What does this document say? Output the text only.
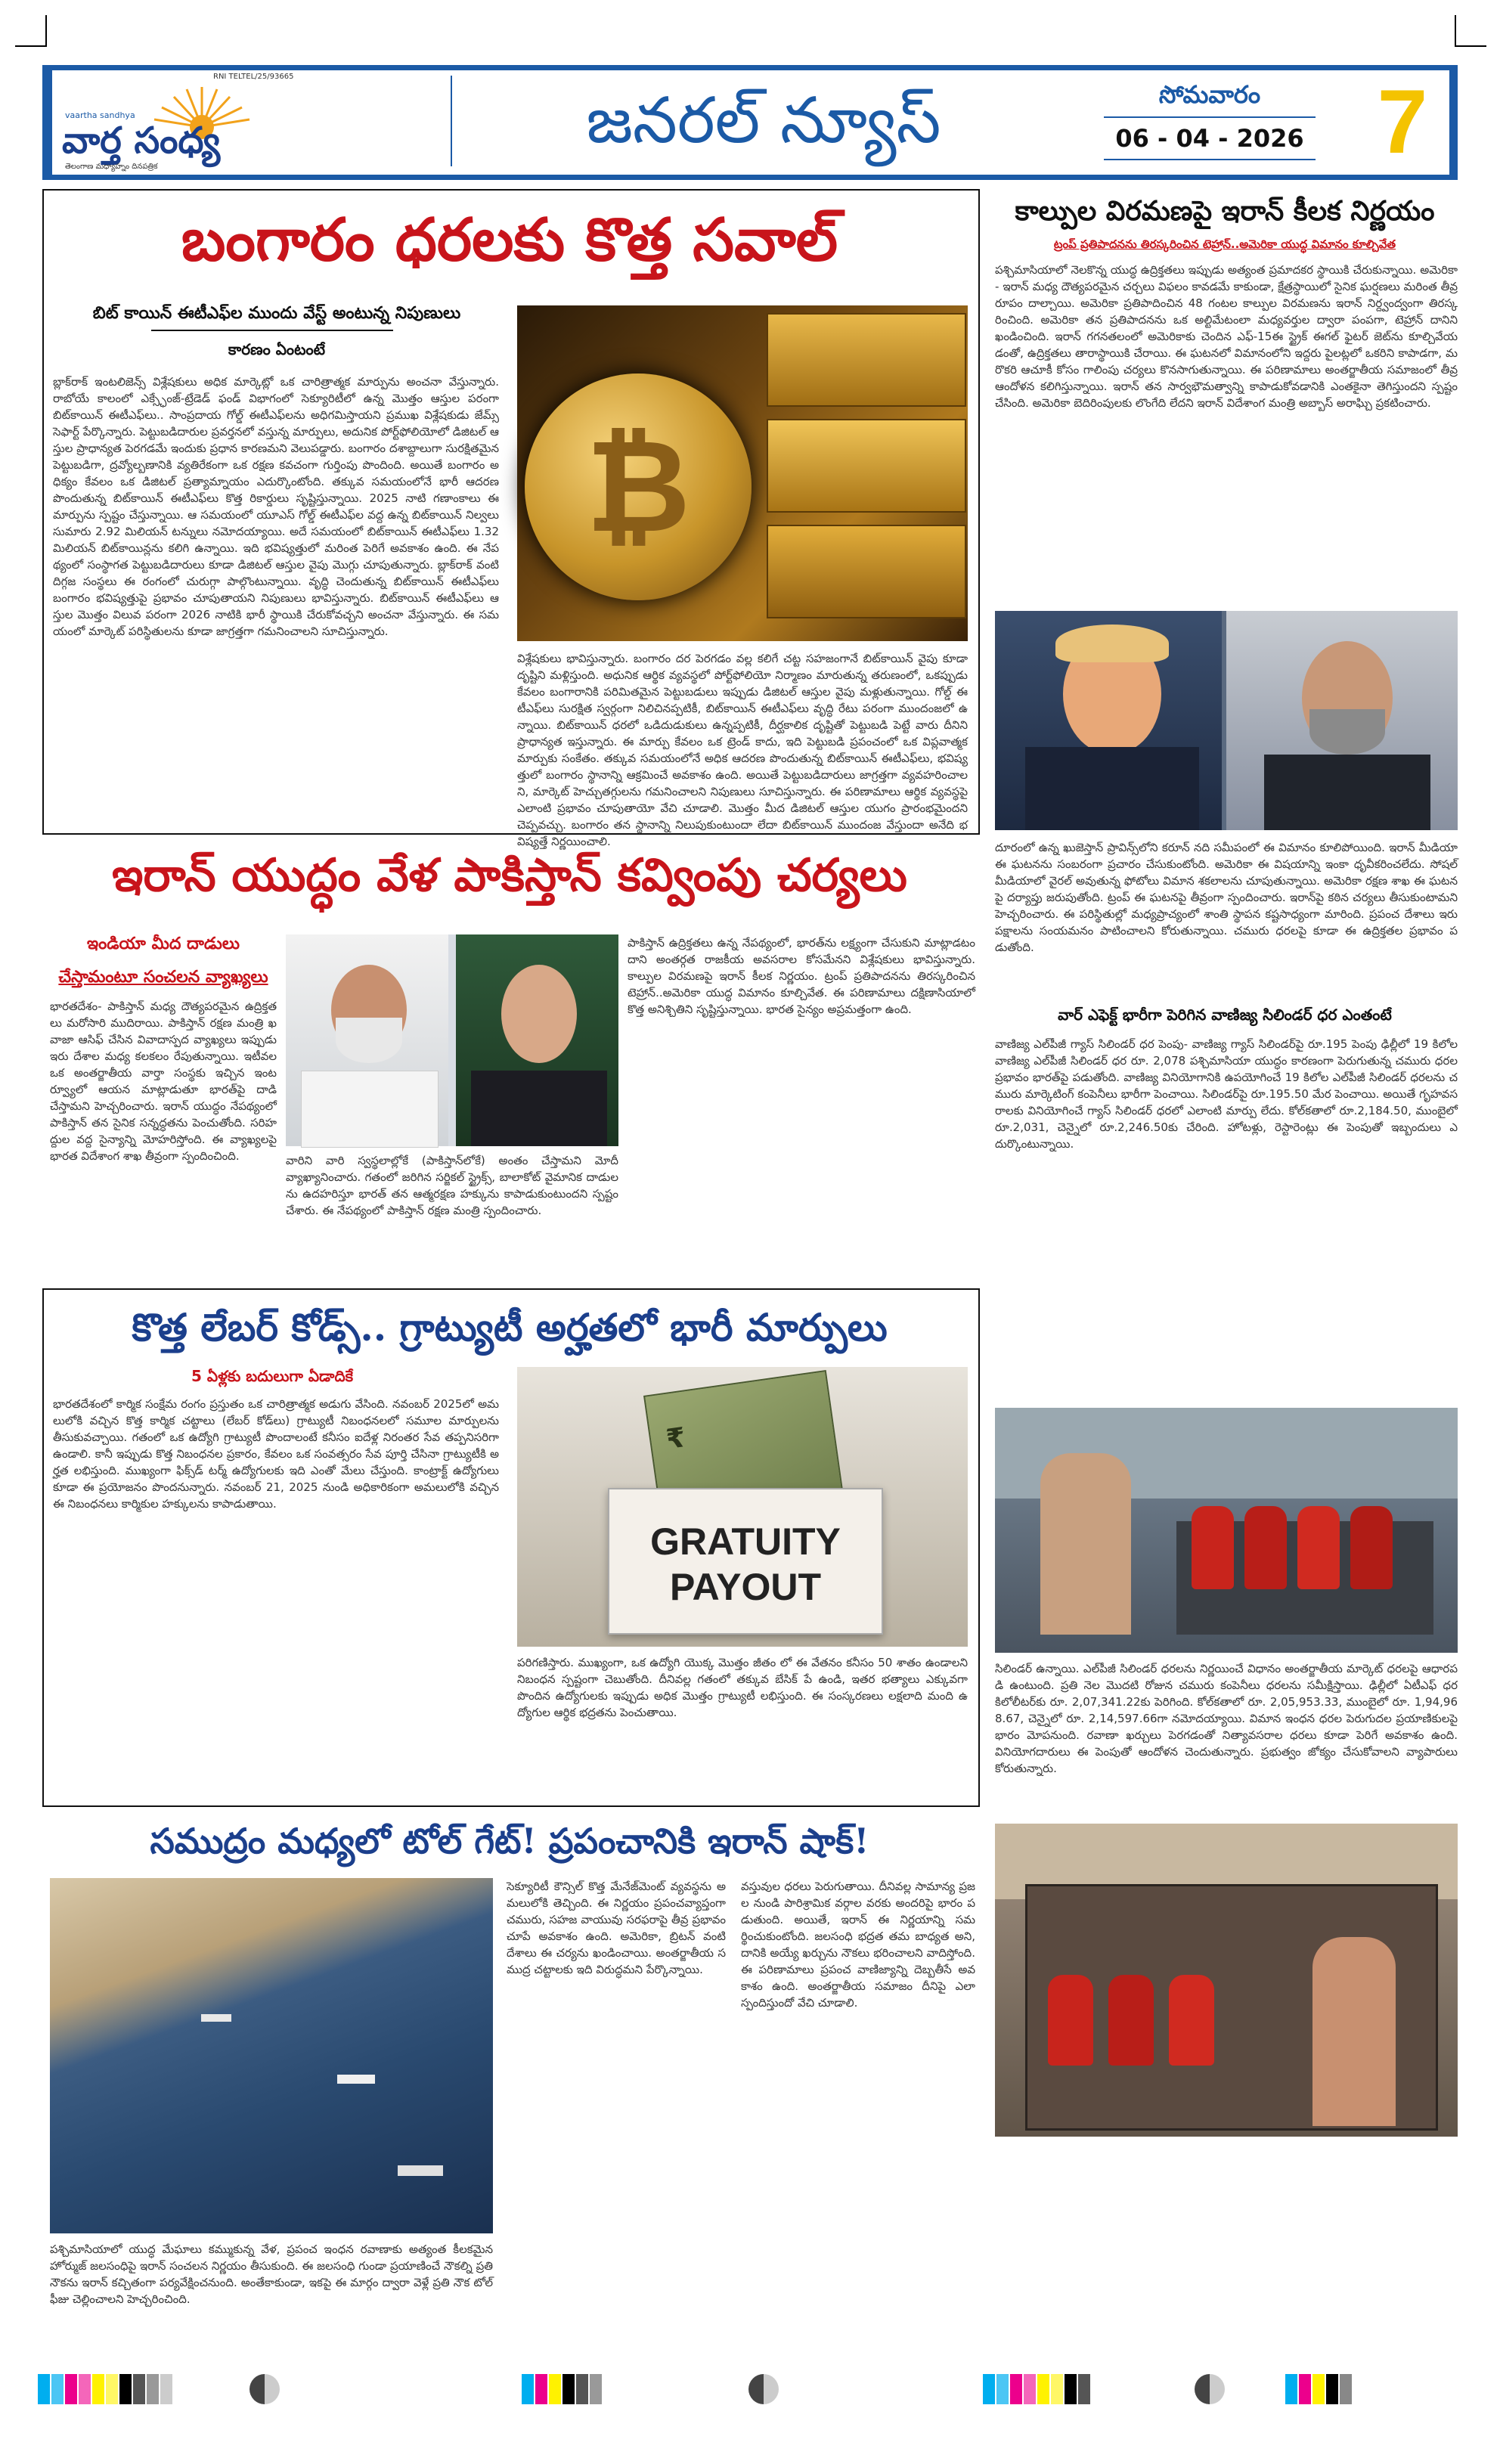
RNI TELTEL/25/93665
vaartha sandhya
వార్త సంధ్య
తెలంగాణ మధ్యాహ్నం దినపత్రిక
జనరల్ న్యూస్	సోమవారం
06 - 04 - 2026 7
బంగారం ధరలకు కొత్త సవాల్
బిట్ కాయిన్ ఈటీఎఫ్‌ల ముందు వేస్ట్ అంటున్న నిపుణులు
కారణం ఏంటంటే
బ్లాక్‌రాక్ ఇంటలిజెన్స్ విశ్లేషకులు అధిక మార్కెట్లో ఒక చారిత్రాత్మక మార్పును అంచనా వేస్తున్నారు. రాబోయే కాలంలో ఎక్స్ఛేంజ్-ట్రేడెడ్ ఫండ్ విభాగంలో సెక్యూరిటీలో ఉన్న మొత్తం ఆస్తుల పరంగా బిట్‌కాయిన్ ఈటీఎఫ్‌లు.. సాంప్రదాయ గోల్డ్ ఈటీఎఫ్‌లను అధిగమిస్తాయని ప్రముఖ విశ్లేషకుడు జేమ్స్ సెఫార్ట్ పేర్కొన్నారు. పెట్టుబడిదారుల ప్రవర్తనలో వస్తున్న మార్పులు, అదునిక పోర్ట్‌ఫోలియోలో డిజిటల్ ఆస్తుల ప్రాధాన్యత పెరగడమే ఇందుకు ప్రధాన కారణమని వెలుపడ్డారు. బంగారం దశాబ్దాలుగా సురక్షితమైన పెట్టుబడిగా, ద్రవ్యోల్బణానికి వ్యతిరేకంగా ఒక రక్షణ కవచంగా గుర్తింపు పొందింది. అయితే బంగారం అధిక్యం కేవలం ఒక డిజిటల్ ప్రత్యామ్నాయం ఎదుర్కొంటోంది. తక్కువ సమయంలోనే భారీ ఆదరణ పొందుతున్న బిట్‌కాయిన్ ఈటీఎఫ్‌లు కొత్త రికార్డులు సృష్టిస్తున్నాయి. 2025 నాటి గణాంకాలు ఈ మార్పును స్పష్టం చేస్తున్నాయి. ఆ సమయంలో యూఎస్ గోల్డ్ ఈటీఎఫ్‌ల వద్ద ఉన్న బిట్‌కాయిన్ నిల్వలు సుమారు 2.92 మిలియన్ టన్నులు నమోదయ్యాయి. అదే సమయంలో బిట్‌కాయిన్ ఈటీఎఫ్‌లు 1.32 మిలియన్ బిట్‌కాయిన్లను కలిగి ఉన్నాయి. ఇది భవిష్యత్తులో మరింత పెరిగే అవకాశం ఉంది. ఈ నేపథ్యంలో సంస్థాగత పెట్టుబడిదారులు కూడా డిజిటల్ ఆస్తుల వైపు మొగ్గు చూపుతున్నారు. బ్లాక్‌రాక్ వంటి దిగ్గజ సంస్థలు ఈ రంగంలో చురుగ్గా పాల్గొంటున్నాయి. వృద్ధి చెందుతున్న బిట్‌కాయిన్ ఈటీఎఫ్‌లు బంగారం భవిష్యత్తుపై ప్రభావం చూపుతాయని నిపుణులు భావిస్తున్నారు. బిట్‌కాయిన్ ఈటీఎఫ్‌లు ఆస్తుల మొత్తం విలువ పరంగా 2026 నాటికి భారీ స్థాయికి చేరుకోవచ్చని అంచనా వేస్తున్నారు. ఈ సమయంలో మార్కెట్ పరిస్థితులను కూడా జాగ్రత్తగా గమనించాలని సూచిస్తున్నారు.
₿
విశ్లేషకులు భావిస్తున్నారు. బంగారం దర పెరగడం వల్ల కలిగే చట్ట సహజంగానే బిట్‌కాయిన్ వైపు కూడా దృష్టిని మళ్లిస్తుంది. అధునిక ఆర్థిక వ్యవస్థలో పోర్ట్‌ఫోలియో నిర్మాణం మారుతున్న తరుణంలో, ఒకప్పుడు కేవలం బంగారానికి పరిమితమైన పెట్టుబడులు ఇప్పుడు డిజిటల్ ఆస్తుల వైపు మళ్లుతున్నాయి. గోల్డ్ ఈటీఎఫ్‌లు సురక్షిత స్వర్గంగా నిలిచినప్పటికీ, బిట్‌కాయిన్ ఈటీఎఫ్‌లు వృద్ధి రేటు పరంగా ముందంజలో ఉన్నాయి. బిట్‌కాయిన్ ధరలో ఒడిదుడుకులు ఉన్నప్పటికీ, దీర్ఘకాలిక దృష్టితో పెట్టుబడి పెట్టే వారు దీనిని ప్రాధాన్యత ఇస్తున్నారు. ఈ మార్పు కేవలం ఒక ట్రెండ్ కాదు, ఇది పెట్టుబడి ప్రపంచంలో ఒక విప్లవాత్మక మార్పుకు సంకేతం. తక్కువ సమయంలోనే అధిక ఆదరణ పొందుతున్న బిట్‌కాయిన్ ఈటీఎఫ్‌లు, భవిష్యత్తులో బంగారం స్థానాన్ని ఆక్రమించే అవకాశం ఉంది. అయితే పెట్టుబడిదారులు జాగ్రత్తగా వ్యవహరించాలని, మార్కెట్ హెచ్చుతగ్గులను గమనించాలని నిపుణులు సూచిస్తున్నారు. ఈ పరిణామాలు ఆర్థిక వ్యవస్థపై ఎలాంటి ప్రభావం చూపుతాయో వేచి చూడాలి. మొత్తం మీద డిజిటల్ ఆస్తుల యుగం ప్రారంభమైందని చెప్పవచ్చు. బంగారం తన స్థానాన్ని నిలుపుకుంటుందా లేదా బిట్‌కాయిన్ ముందంజ వేస్తుందా అనేది భవిష్యత్తే నిర్ణయించాలి.
కాల్పుల విరమణపై ఇరాన్ కీలక నిర్ణయం
ట్రంప్ ప్రతిపాదనను తిరస్కరించిన టెహ్రాన్..అమెరికా యుద్ధ విమానం కూల్చివేత
పశ్చిమాసియాలో నెలకొన్న యుద్ధ ఉద్రిక్తతలు ఇప్పుడు అత్యంత ప్రమాదకర స్థాయికి చేరుకున్నాయి. అమెరికా - ఇరాన్ మధ్య దౌత్యపరమైన చర్చలు విఫలం కావడమే కాకుండా, క్షేత్రస్థాయిలో సైనిక ఘర్షణలు మరింత తీవ్రరూపం దాల్చాయి. అమెరికా ప్రతిపాదించిన 48 గంటల కాల్పుల విరమణను ఇరాన్ నిర్ద్వంద్వంగా తిరస్కరించింది. అమెరికా తన ప్రతిపాదనను ఒక అల్టిమేటంలా మధ్యవర్తుల ద్వారా పంపగా, టెహ్రాన్ దానిని ఖండించింది. ఇరాన్ గగనతలంలో అమెరికాకు చెందిన ఎఫ్-15ఈ స్ట్రైక్ ఈగల్ ఫైటర్ జెట్‌ను కూల్చివేయడంతో, ఉద్రిక్తతలు తారాస్థాయికి చేరాయి. ఈ ఘటనలో విమానంలోని ఇద్దరు పైలట్లలో ఒకరిని కాపాడగా, మరొకరి ఆచూకీ కోసం గాలింపు చర్యలు కొనసాగుతున్నాయి. ఈ పరిణామాలు అంతర్జాతీయ సమాజంలో తీవ్ర ఆందోళన కలిగిస్తున్నాయి. ఇరాన్ తన సార్వభౌమత్వాన్ని కాపాడుకోవడానికి ఎంతకైనా తెగిస్తుందని స్పష్టం చేసింది. అమెరికా బెదిరింపులకు లొంగేది లేదని ఇరాన్ విదేశాంగ మంత్రి అబ్బాస్ అరాఘ్చి ప్రకటించారు.
ఇరాన్ యుద్ధం వేళ పాకిస్తాన్ కవ్వింపు చర్యలు
ఇండియా మీద దాడులు
చేస్తామంటూ సంచలన వ్యాఖ్యలు
భారతదేశం- పాకిస్తాన్ మధ్య దౌత్యపరమైన ఉద్రిక్తతలు మరోసారి ముదిరాయి. పాకిస్తాన్ రక్షణ మంత్రి ఖవాజా ఆసిఫ్ చేసిన వివాదాస్పద వ్యాఖ్యలు ఇప్పుడు ఇరు దేశాల మధ్య కలకలం రేపుతున్నాయి. ఇటీవల ఒక అంతర్జాతీయ వార్తా సంస్థకు ఇచ్చిన ఇంటర్వ్యూలో ఆయన మాట్లాడుతూ భారత్‌పై దాడి చేస్తామని హెచ్చరించారు. ఇరాన్ యుద్ధం నేపథ్యంలో పాకిస్తాన్ తన సైనిక సన్నద్ధతను పెంచుతోంది. సరిహద్దుల వద్ద సైన్యాన్ని మోహరిస్తోంది. ఈ వ్యాఖ్యలపై భారత విదేశాంగ శాఖ తీవ్రంగా స్పందించింది.	వారిని వారి స్వస్థలాల్లోకే (పాకిస్తాన్‌లోకే) అంతం చేస్తామని మోదీ వ్యాఖ్యానించారు. గతంలో జరిగిన సర్జికల్ స్ట్రైక్స్, బాలాకోట్ వైమానిక దాడులను ఉదహరిస్తూ భారత్ తన ఆత్మరక్షణ హక్కును కాపాడుకుంటుందని స్పష్టం చేశారు. ఈ నేపథ్యంలో పాకిస్తాన్ రక్షణ మంత్రి స్పందించారు.
పాకిస్తాన్‌ ఉద్రిక్తతలు ఉన్న నేపథ్యంలో, భారత్‌ను లక్ష్యంగా చేసుకుని మాట్లాడటం దాని అంతర్గత రాజకీయ అవసరాల కోసమేనని విశ్లేషకులు భావిస్తున్నారు. కాల్పుల విరమణపై ఇరాన్ కీలక నిర్ణయం. ట్రంప్ ప్రతిపాదనను తిరస్కరించిన టెహ్రాన్..అమెరికా యుద్ధ విమానం కూల్చివేత. ఈ పరిణామాలు దక్షిణాసియాలో కొత్త అనిశ్చితిని సృష్టిస్తున్నాయి. భారత సైన్యం అప్రమత్తంగా ఉంది.
దూరంలో ఉన్న ఖుజెస్తాన్ ప్రావిన్స్‌లోని కరూన్ నది సమీపంలో ఈ విమానం కూలిపోయింది. ఇరాన్ మీడియా ఈ ఘటనను సంబరంగా ప్రచారం చేసుకుంటోంది. అమెరికా ఈ విషయాన్ని ఇంకా ధృవీకరించలేదు. సోషల్ మీడియాలో వైరల్ అవుతున్న ఫోటోలు విమాన శకలాలను చూపుతున్నాయి. అమెరికా రక్షణ శాఖ ఈ ఘటనపై దర్యాప్తు జరుపుతోంది. ట్రంప్ ఈ ఘటనపై తీవ్రంగా స్పందించారు. ఇరాన్‌పై కఠిన చర్యలు తీసుకుంటామని హెచ్చరించారు. ఈ పరిస్థితుల్లో మధ్యప్రాచ్యంలో శాంతి స్థాపన కష్టసాధ్యంగా మారింది. ప్రపంచ దేశాలు ఇరు పక్షాలను సంయమనం పాటించాలని కోరుతున్నాయి. చమురు ధరలపై కూడా ఈ ఉద్రిక్తతల ప్రభావం పడుతోంది.
వార్ ఎఫెక్ట్ భారీగా పెరిగిన వాణిజ్య సిలిండర్ ధర ఎంతంటే
వాణిజ్య ఎల్‌పీజీ గ్యాస్ సిలిండర్ ధర పెంపు- వాణిజ్య గ్యాస్ సిలిండర్‌పై రూ.195 పెంపు ఢిల్లీలో 19 కిలోల వాణిజ్య ఎల్‌పీజీ సిలిండర్ ధర రూ. 2,078 పశ్చిమాసియా యుద్ధం కారణంగా పెరుగుతున్న చమురు ధరల ప్రభావం భారత్‌పై పడుతోంది. వాణిజ్య వినియోగానికి ఉపయోగించే 19 కిలోల ఎల్‌పీజీ సిలిండర్ ధరలను చమురు మార్కెటింగ్ కంపెనీలు భారీగా పెంచాయి. సిలిండర్‌పై రూ.195.50 మేర పెంచాయి. అయితే గృహవసరాలకు వినియోగించే గ్యాస్ సిలిండర్ ధరలో ఎలాంటి మార్పు లేదు. కోల్‌కతాలో రూ.2,184.50, ముంబైలో రూ.2,031, చెన్నైలో రూ.2,246.50కు చేరింది. హోటళ్లు, రెస్టారెంట్లు ఈ పెంపుతో ఇబ్బందులు ఎదుర్కొంటున్నాయి.
సిలిండర్ ఉన్నాయి. ఎల్‌పీజీ సిలిండర్ ధరలను నిర్ణయించే విధానం అంతర్జాతీయ మార్కెట్ ధరలపై ఆధారపడి ఉంటుంది. ప్రతి నెల మొదటి రోజున చమురు కంపెనీలు ధరలను సమీక్షిస్తాయి. ఢిల్లీలో ఏటీఎఫ్ ధర కిలోలీటర్‌కు రూ. 2,07,341.22కు పెరిగింది. కోల్‌కతాలో రూ. 2,05,953.33, ముంబైలో రూ. 1,94,968.67, చెన్నైలో రూ. 2,14,597.66గా నమోదయ్యాయి. విమాన ఇంధన ధరల పెరుగుదల ప్రయాణికులపై భారం మోపనుంది. రవాణా ఖర్చులు పెరగడంతో నిత్యావసరాల ధరలు కూడా పెరిగే అవకాశం ఉంది. వినియోగదారులు ఈ పెంపుతో ఆందోళన చెందుతున్నారు. ప్రభుత్వం జోక్యం చేసుకోవాలని వ్యాపారులు కోరుతున్నారు.
కొత్త లేబర్ కోడ్స్.. గ్రాట్యుటీ అర్హతలో భారీ మార్పులు
5 ఏళ్లకు బదులుగా ఏడాదికే
భారతదేశంలో కార్మిక సంక్షేమ రంగం ప్రస్తుతం ఒక చారిత్రాత్మక అడుగు వేసింది. నవంబర్ 2025లో అమలులోకి వచ్చిన కొత్త కార్మిక చట్టాలు (లేబర్ కోడ్‌లు) గ్రాట్యుటీ నిబంధనలలో సమూల మార్పులను తీసుకువచ్చాయి. గతంలో ఒక ఉద్యోగి గ్రాట్యుటీ పొందాలంటే కనీసం ఐదేళ్ల నిరంతర సేవ తప్పనిసరిగా ఉండాలి. కానీ ఇప్పుడు కొత్త నిబంధనల ప్రకారం, కేవలం ఒక సంవత్సరం సేవ పూర్తి చేసినా గ్రాట్యుటీకి అర్హత లభిస్తుంది. ముఖ్యంగా ఫిక్స్‌డ్ టర్మ్ ఉద్యోగులకు ఇది ఎంతో మేలు చేస్తుంది. కాంట్రాక్ట్ ఉద్యోగులు కూడా ఈ ప్రయోజనం పొందనున్నారు. నవంబర్ 21, 2025 నుండి అధికారికంగా అమలులోకి వచ్చిన ఈ నిబంధనలు కార్మికుల హక్కులను కాపాడుతాయి.
₹
GRATUITY
PAYOUT
పరిగణిస్తారు. ముఖ్యంగా, ఒక ఉద్యోగి యొక్క మొత్తం జీతం లో ఈ వేతనం కనీసం 50 శాతం ఉండాలని నిబంధన స్పష్టంగా చెబుతోంది. దీనివల్ల గతంలో తక్కువ బేసిక్ పే ఉండి, ఇతర భత్యాలు ఎక్కువగా పొందిన ఉద్యోగులకు ఇప్పుడు అధిక మొత్తం గ్రాట్యుటీ లభిస్తుంది. ఈ సంస్కరణలు లక్షలాది మంది ఉద్యోగుల ఆర్థిక భద్రతను పెంచుతాయి.
సముద్రం మధ్యలో టోల్ గేట్! ప్రపంచానికి ఇరాన్ షాక్!
పశ్చిమాసియాలో యుద్ధ మేఘాలు కమ్ముకున్న వేళ, ప్రపంచ ఇంధన రవాణాకు అత్యంత కీలకమైన హోర్ముజ్ జలసంధిపై ఇరాన్ సంచలన నిర్ణయం తీసుకుంది. ఈ జలసంధి గుండా ప్రయాణించే నౌకల్ని ప్రతి నౌకను ఇరాన్ కచ్చితంగా పర్యవేక్షించనుంది. అంతేకాకుండా, ఇకపై ఈ మార్గం ద్వారా వెళ్లే ప్రతి నౌక టోల్ ఫీజు చెల్లించాలని హెచ్చరించింది.
సెక్యూరిటీ కౌన్సిల్ కొత్త మేనేజ్‌మెంట్ వ్యవస్థను అమలులోకి తెచ్చింది. ఈ నిర్ణయం ప్రపంచవ్యాప్తంగా చమురు, సహజ వాయువు సరఫరాపై తీవ్ర ప్రభావం చూపే అవకాశం ఉంది. అమెరికా, బ్రిటన్ వంటి దేశాలు ఈ చర్యను ఖండించాయి. అంతర్జాతీయ సముద్ర చట్టాలకు ఇది విరుద్ధమని పేర్కొన్నాయి.
వస్తువుల ధరలు పెరుగుతాయి. దీనివల్ల సామాన్య ప్రజల నుండి పారిశ్రామిక వర్గాల వరకు అందరిపై భారం పడుతుంది. అయితే, ఇరాన్ ఈ నిర్ణయాన్ని సమర్థించుకుంటోంది. జలసంధి భద్రత తమ బాధ్యత అని, దానికి అయ్యే ఖర్చును నౌకలు భరించాలని వాదిస్తోంది. ఈ పరిణామాలు ప్రపంచ వాణిజ్యాన్ని దెబ్బతీసే అవకాశం ఉంది. అంతర్జాతీయ సమాజం దీనిపై ఎలా స్పందిస్తుందో వేచి చూడాలి.
